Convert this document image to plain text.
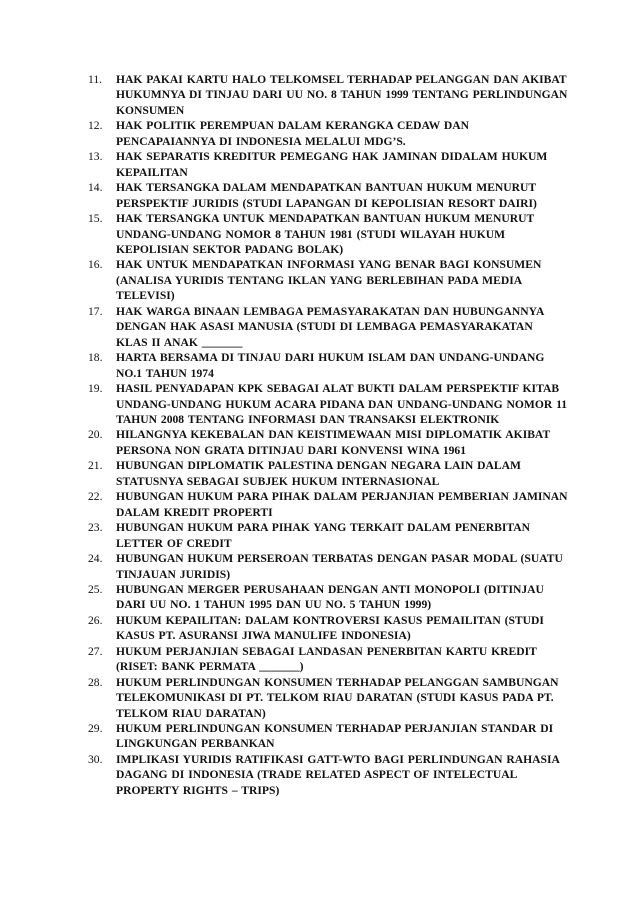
11.	HAK PAKAI KARTU HALO TELKOMSEL TERHADAP PELANGGAN DAN AKIBAT HUKUMNYA DI TINJAU DARI UU NO. 8 TAHUN 1999 TENTANG PERLINDUNGAN KONSUMEN
12.	HAK POLITIK PEREMPUAN DALAM KERANGKA CEDAW DAN PENCAPAIANNYA DI INDONESIA MELALUI MDG’S.
13.	HAK SEPARATIS KREDITUR PEMEGANG HAK JAMINAN DIDALAM HUKUM KEPAILITAN
14.	HAK TERSANGKA DALAM MENDAPATKAN BANTUAN HUKUM MENURUT PERSPEKTIF JURIDIS (STUDI LAPANGAN DI KEPOLISIAN RESORT DAIRI)
15.	HAK TERSANGKA UNTUK MENDAPATKAN BANTUAN HUKUM MENURUT UNDANG-UNDANG NOMOR 8 TAHUN 1981 (STUDI WILAYAH HUKUM KEPOLISIAN SEKTOR PADANG BOLAK)
16.	HAK UNTUK MENDAPATKAN INFORMASI YANG BENAR BAGI KONSUMEN (ANALISA YURIDIS TENTANG IKLAN YANG BERLEBIHAN PADA MEDIA TELEVISI)
17.	HAK WARGA BINAAN LEMBAGA PEMASYARAKATAN DAN HUBUNGANNYA DENGAN HAK ASASI MANUSIA (STUDI DI LEMBAGA PEMASYARAKATAN KLAS II ANAK _______
18.	HARTA BERSAMA DI TINJAU DARI HUKUM ISLAM DAN UNDANG-UNDANG NO.1 TAHUN 1974
19.	HASIL PENYADAPAN KPK SEBAGAI ALAT BUKTI DALAM PERSPEKTIF KITAB UNDANG-UNDANG HUKUM ACARA PIDANA DAN UNDANG-UNDANG NOMOR 11 TAHUN 2008 TENTANG INFORMASI DAN TRANSAKSI ELEKTRONIK
20.	HILANGNYA KEKEBALAN DAN KEISTIMEWAAN MISI DIPLOMATIK AKIBAT PERSONA NON GRATA DITINJAU DARI KONVENSI WINA 1961
21.	HUBUNGAN DIPLOMATIK PALESTINA DENGAN NEGARA LAIN DALAM STATUSNYA SEBAGAI SUBJEK HUKUM INTERNASIONAL
22.	HUBUNGAN HUKUM PARA PIHAK DALAM PERJANJIAN PEMBERIAN JAMINAN DALAM KREDIT PROPERTI
23.	HUBUNGAN HUKUM PARA PIHAK YANG TERKAIT DALAM PENERBITAN LETTER OF CREDIT
24.	HUBUNGAN HUKUM PERSEROAN TERBATAS DENGAN PASAR MODAL (SUATU TINJAUAN JURIDIS)
25.	HUBUNGAN MERGER PERUSAHAAN DENGAN ANTI MONOPOLI (DITINJAU DARI UU NO. 1 TAHUN 1995 DAN UU NO. 5 TAHUN 1999)
26.	HUKUM KEPAILITAN: DALAM KONTROVERSI KASUS PEMAILITAN (STUDI KASUS PT. ASURANSI JIWA MANULIFE INDONESIA)
27.	HUKUM PERJANJIAN SEBAGAI LANDASAN PENERBITAN KARTU KREDIT (RISET: BANK PERMATA _______)
28.	HUKUM PERLINDUNGAN KONSUMEN TERHADAP PELANGGAN SAMBUNGAN TELEKOMUNIKASI DI PT. TELKOM RIAU DARATAN (STUDI KASUS PADA PT. TELKOM RIAU DARATAN)
29.	HUKUM PERLINDUNGAN KONSUMEN TERHADAP PERJANJIAN STANDAR DI LINGKUNGAN PERBANKAN
30.	IMPLIKASI YURIDIS RATIFIKASI GATT-WTO BAGI PERLINDUNGAN RAHASIA DAGANG DI INDONESIA (TRADE RELATED ASPECT OF INTELECTUAL PROPERTY RIGHTS – TRIPS)
